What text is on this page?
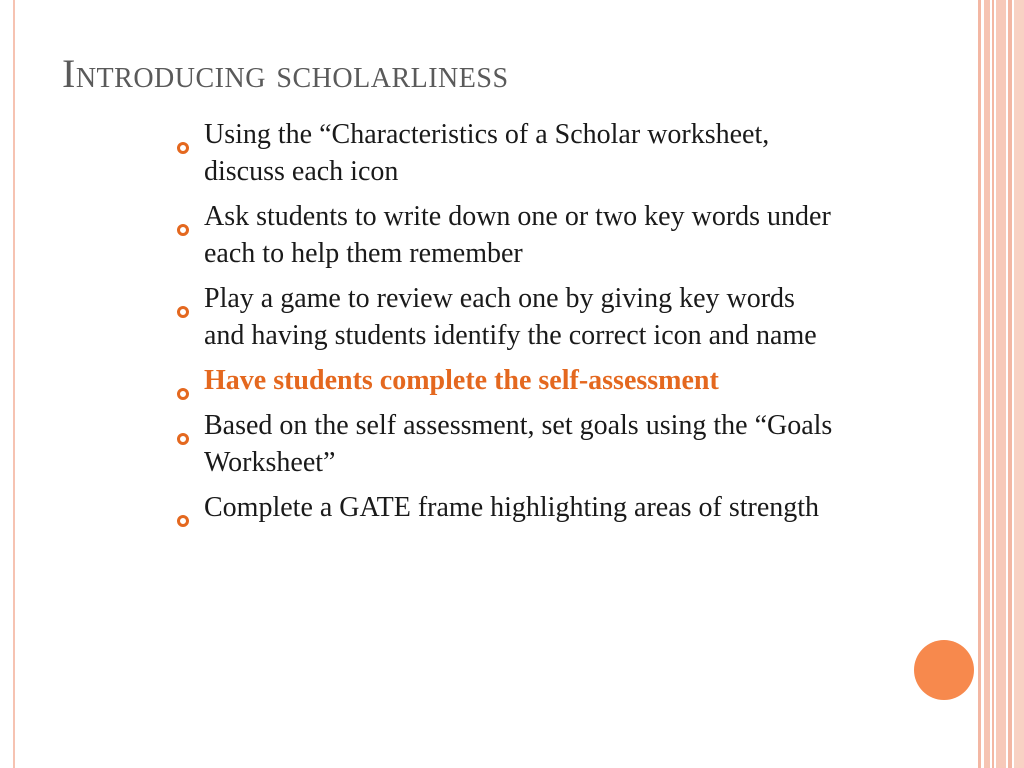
Introducing scholarliness
Using the “Characteristics of a Scholar worksheet, discuss each icon
Ask students to write down one or two key words under each to help them remember
Play a game to review each one by giving key words and having students identify the correct icon and name
Have students complete the self-assessment
Based on the self assessment, set goals using the “Goals Worksheet”
Complete a GATE frame highlighting areas of strength
